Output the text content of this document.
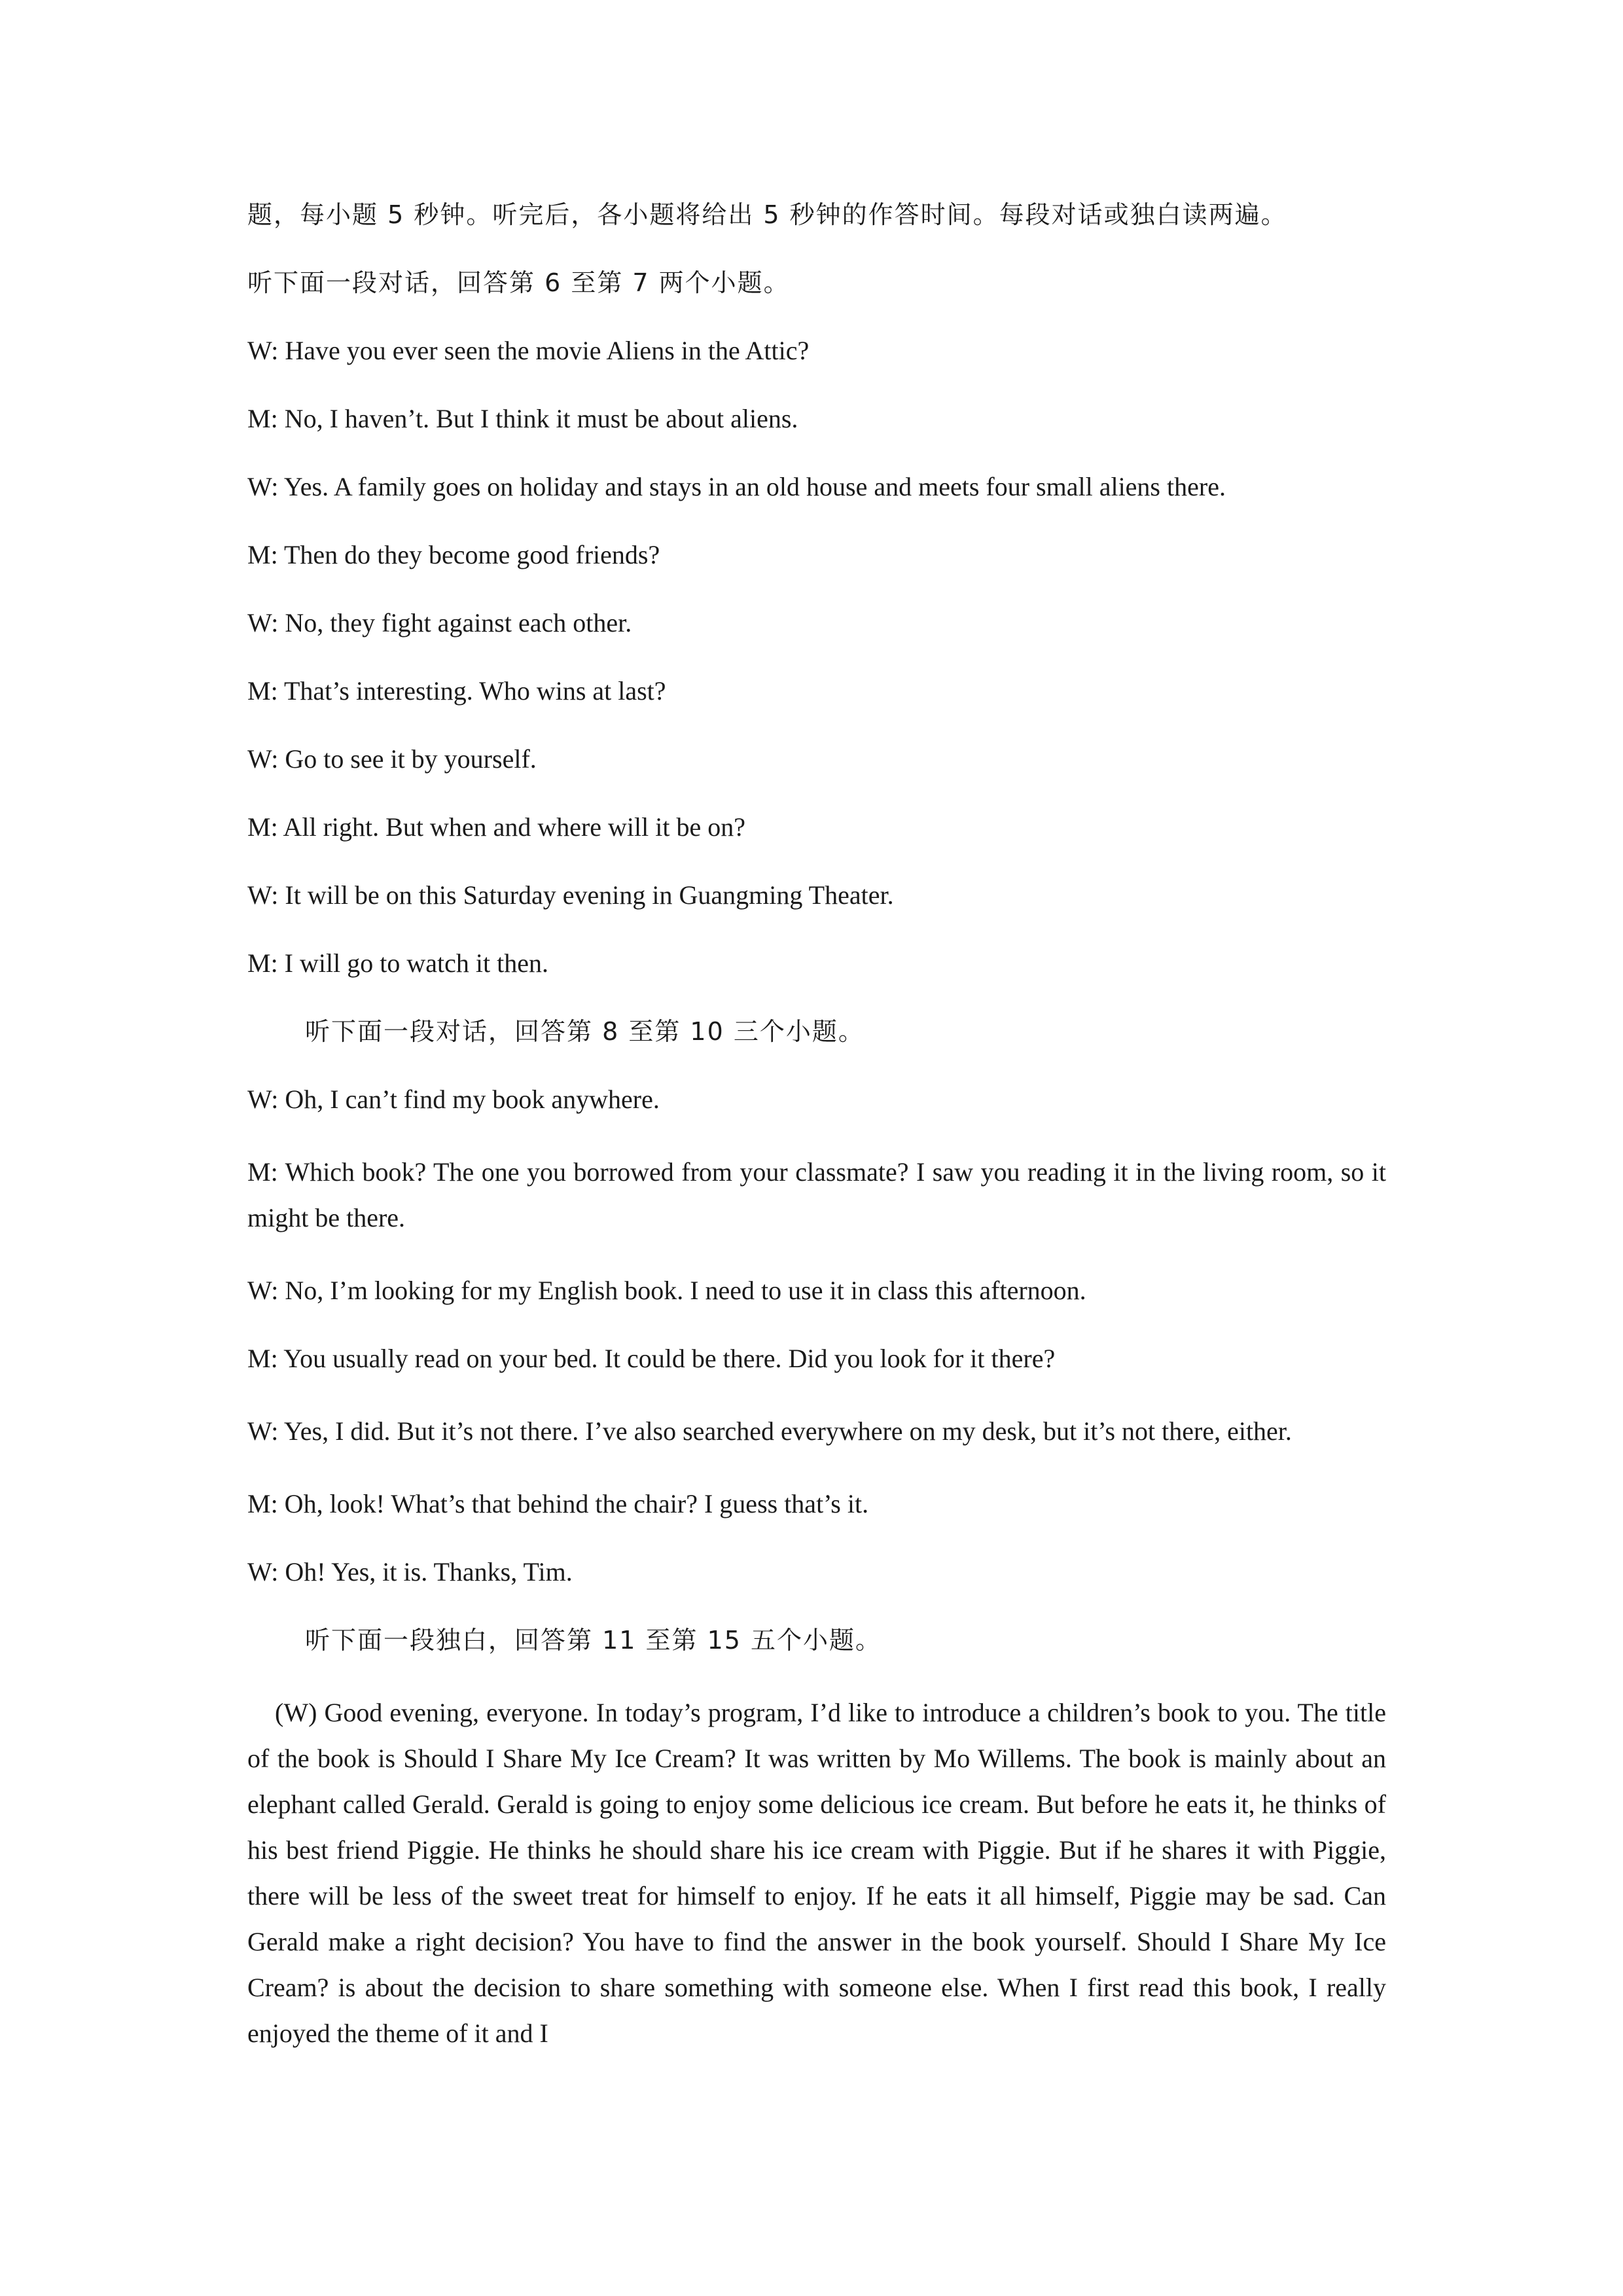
题，每小题 5 秒钟。听完后，各小题将给出 5 秒钟的作答时间。每段对话或独白读两遍。

听下面一段对话，回答第 6 至第 7 两个小题。

W: Have you ever seen the movie Aliens in the Attic?

M: No, I haven’t. But I think it must be about aliens.

W: Yes. A family goes on holiday and stays in an old house and meets four small aliens there.

M: Then do they become good friends?

W: No, they fight against each other.

M: That’s interesting. Who wins at last?

W: Go to see it by yourself.

M: All right. But when and where will it be on?

W: It will be on this Saturday evening in Guangming Theater.

M: I will go to watch it then.

听下面一段对话，回答第 8 至第 10 三个小题。

W: Oh, I can’t find my book anywhere.

M: Which book? The one you borrowed from your classmate? I saw you reading it in the living room, so it might be there.

W: No, I’m looking for my English book. I need to use it in class this afternoon.

M: You usually read on your bed. It could be there. Did you look for it there?

W: Yes, I did. But it’s not there. I’ve also searched everywhere on my desk, but it’s not there, either.

M: Oh, look! What’s that behind the chair? I guess that’s it.

W: Oh! Yes, it is. Thanks, Tim.

听下面一段独白，回答第 11 至第 15 五个小题。

(W) Good evening, everyone. In today’s program, I’d like to introduce a children’s book to you. The title of the book is Should I Share My Ice Cream? It was written by Mo Willems. The book is mainly about an elephant called Gerald. Gerald is going to enjoy some delicious ice cream. But before he eats it, he thinks of his best friend Piggie. He thinks he should share his ice cream with Piggie. But if he shares it with Piggie, there will be less of the sweet treat for himself to enjoy. If he eats it all himself, Piggie may be sad. Can Gerald make a right decision? You have to find the answer in the book yourself. Should I Share My Ice Cream? is about the decision to share something with someone else. When I first read this book, I really enjoyed the theme of it and I
